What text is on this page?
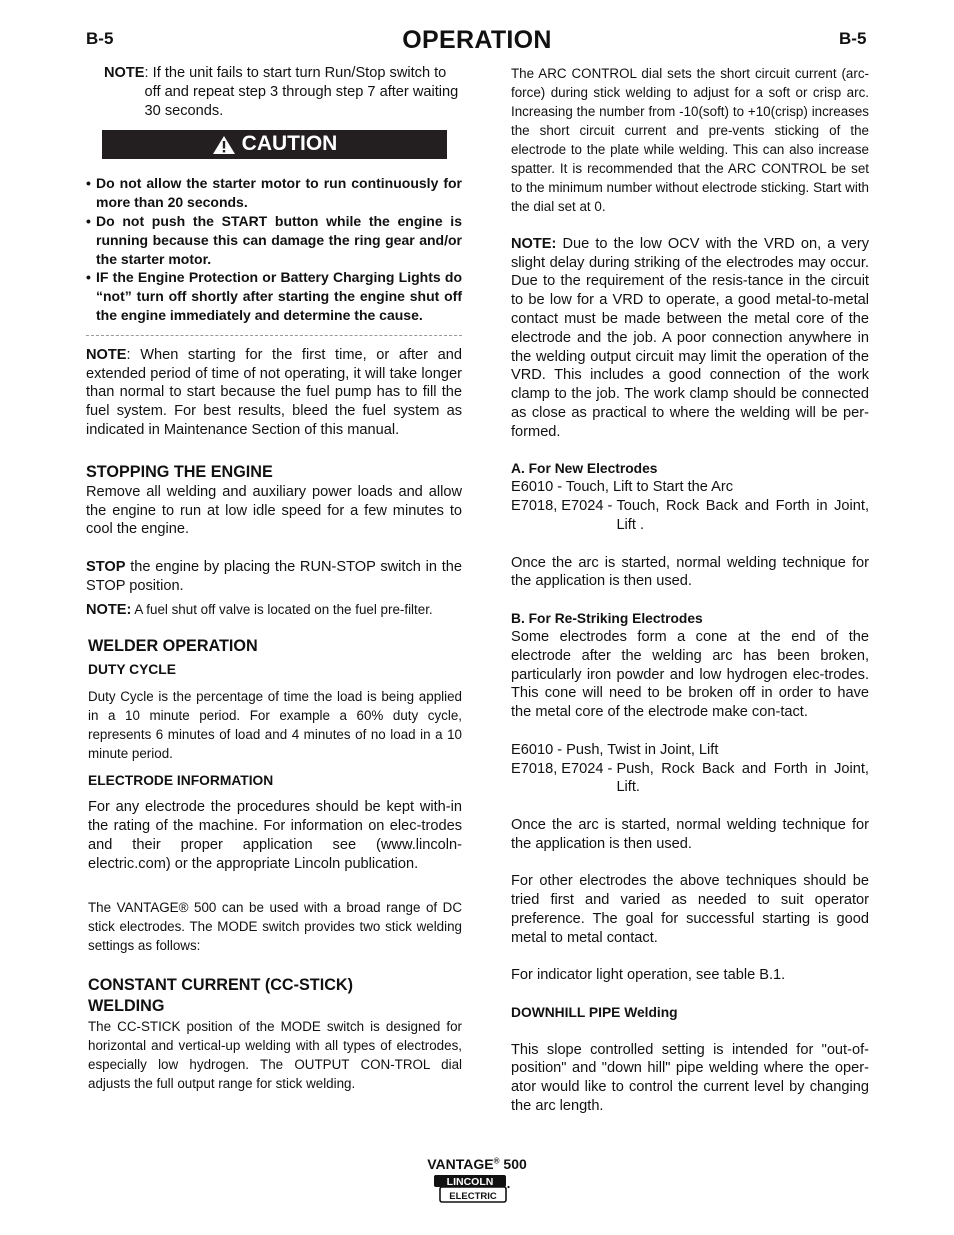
B-5	OPERATION	B-5
NOTE : If the unit fails to start turn Run/Stop switch to off and repeat step 3 through step 7 after waiting 30 seconds.
CAUTION
• Do not allow the starter motor to run continuously for more than 20 seconds.
• Do not push the START button while the engine is running because this can damage the ring gear and/or the starter motor.
• IF the Engine Protection or Battery Charging Lights do “not” turn off shortly after starting the engine shut off the engine immediately and determine the cause.

NOTE: When starting for the first time, or after and extended period of time of not operating, it will take longer than normal to start because the fuel pump has to fill the fuel system. For best results, bleed the fuel system as indicated in Maintenance Section of this manual.

STOPPING THE ENGINE

Remove all welding and auxiliary power loads and allow the engine to run at low idle speed for a few minutes to cool the engine.

STOP the engine by placing the RUN-STOP switch in the STOP position.

NOTE: A fuel shut off valve is located on the fuel pre-filter.

WELDER OPERATION
DUTY CYCLE

Duty Cycle is the percentage of time the load is being applied in a 10 minute period. For example a 60% duty cycle, represents 6 minutes of load and 4 minutes of no load in a 10 minute period.

ELECTRODE INFORMATION

For any electrode the procedures should be kept with-in the rating of the machine. For information on elec-trodes and their proper application see (www.lincoln-electric.com) or the appropriate Lincoln publication.

The VANTAGE® 500 can be used with a broad range of DC stick electrodes. The MODE switch provides two stick welding settings as follows:

CONSTANT CURRENT (CC-STICK)
WELDING

The CC-STICK position of the MODE switch is designed for horizontal and vertical-up welding with all types of electrodes, especially low hydrogen. The OUTPUT CON-TROL dial adjusts the full output range for stick welding.

The ARC CONTROL dial sets the short circuit current (arc-force) during stick welding to adjust for a soft or crisp arc. Increasing the number from -10(soft) to +10(crisp) increases the short circuit current and pre-vents sticking of the electrode to the plate while welding. This can also increase spatter. It is recommended that the ARC CONTROL be set to the minimum number without electrode sticking. Start with the dial set at 0.

NOTE: Due to the low OCV with the VRD on, a very slight delay during striking of the electrodes may occur. Due to the requirement of the resis-tance in the circuit to be low for a VRD to operate, a good metal-to-metal contact must be made between the metal core of the electrode and the job. A poor connection anywhere in the welding output circuit may limit the operation of the VRD. This includes a good connection of the work clamp to the job. The work clamp should be connected as close as practical to where the welding will be per-formed.

A. For New Electrodes
E6010 - Touch, Lift to Start the Arc
E7018, E7024 - Touch, Rock Back and Forth in Joint, Lift .

Once the arc is started, normal welding technique for the application is then used.

B. For Re-Striking Electrodes

Some electrodes form a cone at the end of the electrode after the welding arc has been broken, particularly iron powder and low hydrogen elec-trodes. This cone will need to be broken off in order to have the metal core of the electrode make con-tact.

E6010 - Push, Twist in Joint, Lift
E7018, E7024 - Push, Rock Back and Forth in Joint, Lift.

Once the arc is started, normal welding technique for the application is then used.

For other electrodes the above techniques should be tried first and varied as needed to suit operator preference. The goal for successful starting is good metal to metal contact.

For indicator light operation, see table B.1.

DOWNHILL PIPE Welding

This slope controlled setting is intended for "out-of-position" and "down hill" pipe welding where the oper-ator would like to control the current level by changing the arc length.

VANTAGE® 500
LINCOLN
ELECTRIC
